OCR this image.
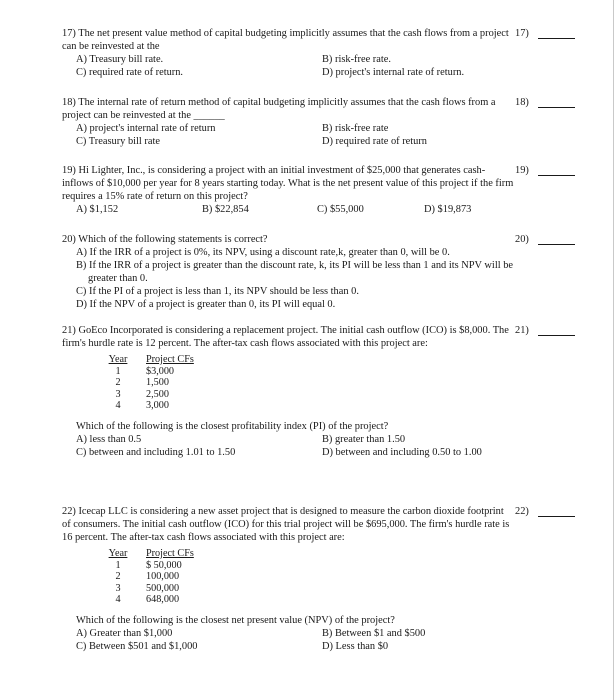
17) The net present value method of capital budgeting implicitly assumes that the cash flows from a project can be reinvested at the

A) Treasury bill rate.	B) risk-free rate.
C) required rate of return.	D) project's internal rate of return.
17)

18) The internal rate of return method of capital budgeting implicitly assumes that the cash flows from a project can be reinvested at the ______

A) project's internal rate of return	B) risk-free rate
C) Treasury bill rate	D) required rate of return
18)

19) Hi Lighter, Inc., is considering a project with an initial investment of $25,000 that generates cash-inflows of $10,000 per year for 8 years starting today. What is the net present value of this project if the firm requires a 15% rate of return on this project?

A) $1,152	B) $22,854	C) $55,000	D) $19,873
19)

20) Which of the following statements is correct?

A) If the IRR of a project is 0%, its NPV, using a discount rate,k, greater than 0, will be 0.
B) If the IRR of a project is greater than the discount rate, k, its PI will be less than 1 and its NPV will be greater than 0.
C) If the PI of a project is less than 1, its NPV should be less than 0.
D) If the NPV of a project is greater than 0, its PI will equal 0.
20)

21) GoEco Incorporated is considering a replacement project. The initial cash outflow (ICO) is $8,000. The firm's hurdle rate is 12 percent. The after-tax cash flows associated with this project are:

Year	Project CFs
1	$3,000
2	1,500
3	2,500
4	3,000

Which of the following is the closest profitability index (PI) of the project?

A) less than 0.5	B) greater than 1.50
C) between and including 1.01 to 1.50	D) between and including 0.50 to 1.00
21)

22) Icecap LLC is considering a new asset project that is designed to measure the carbon dioxide footprint of consumers. The initial cash outflow (ICO) for this trial project will be $695,000. The firm's hurdle rate is 16 percent. The after-tax cash flows associated with this project are:

Year	Project CFs
1	$ 50,000
2	100,000
3	500,000
4	648,000

Which of the following is the closest net present value (NPV) of the project?

A) Greater than $1,000	B) Between $1 and $500
C) Between $501 and $1,000	D) Less than $0
22)
